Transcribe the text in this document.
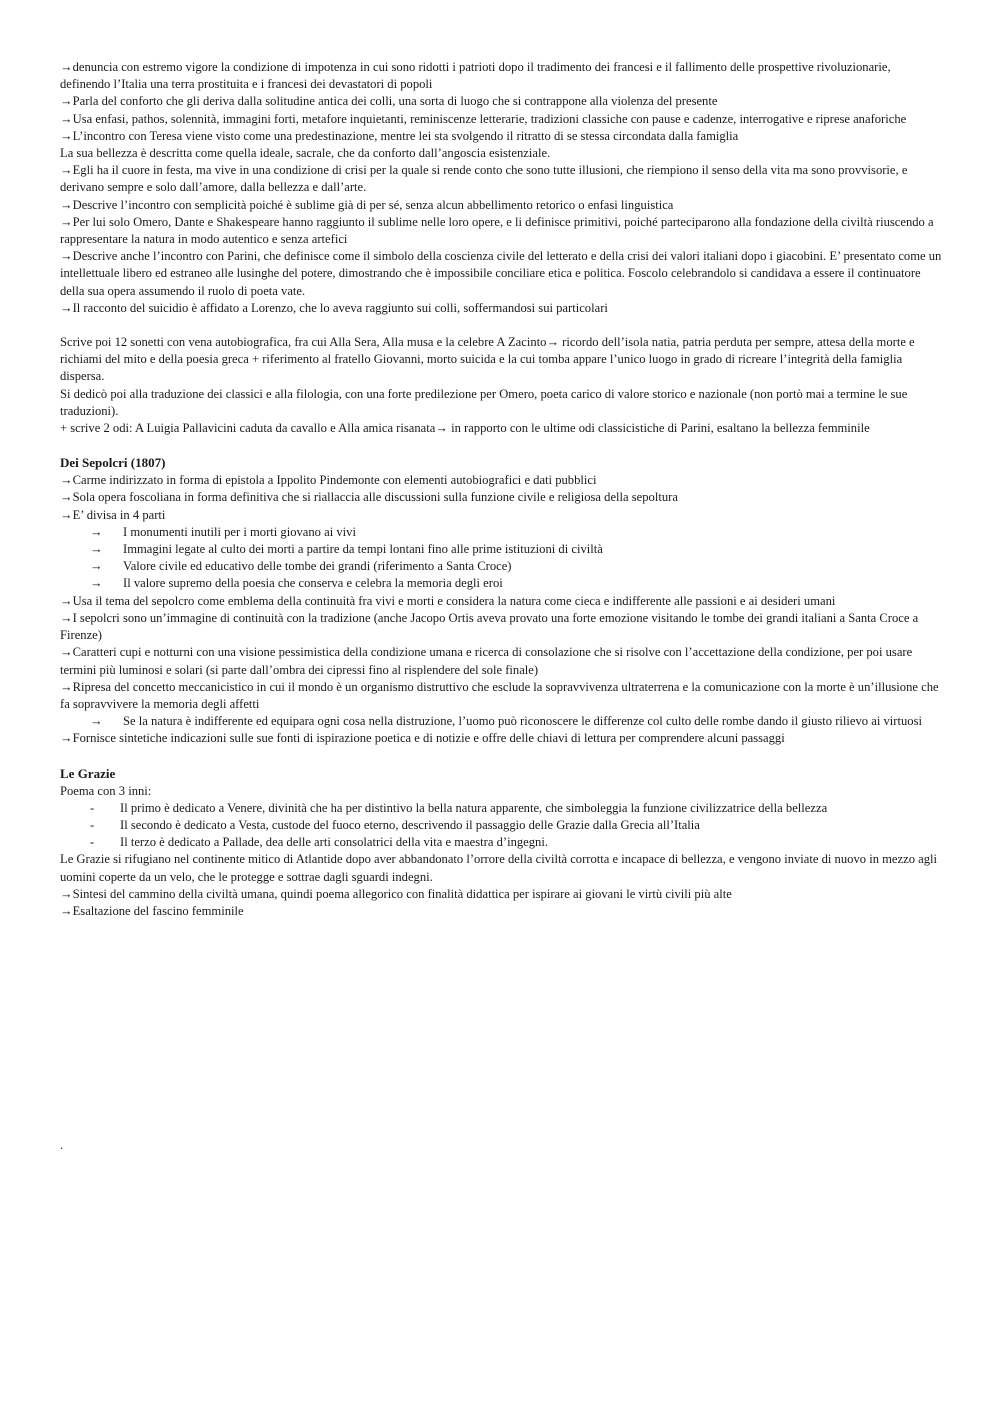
→denuncia con estremo vigore la condizione di impotenza in cui sono ridotti i patrioti dopo il tradimento dei francesi e il fallimento delle prospettive rivoluzionarie, definendo l’Italia una terra prostituita e i francesi dei devastatori di popoli

→Parla del conforto che gli deriva dalla solitudine antica dei colli, una sorta di luogo che si contrappone alla violenza del presente

→Usa enfasi, pathos, solennità, immagini forti, metafore inquietanti, reminiscenze letterarie, tradizioni classiche con pause e cadenze, interrogative e riprese anaforiche

→L’incontro con Teresa viene visto come una predestinazione, mentre lei sta svolgendo il ritratto di se stessa circondata dalla famiglia

La sua bellezza è descritta come quella ideale, sacrale, che da conforto dall’angoscia esistenziale.

→Egli ha il cuore in festa, ma vive in una condizione di crisi per la quale si rende conto che sono tutte illusioni, che riempiono il senso della vita ma sono provvisorie, e derivano sempre e solo dall’amore, dalla bellezza e dall’arte.

→Descrive l’incontro con semplicità poiché è sublime già di per sé, senza alcun abbellimento retorico o enfasi linguistica

→Per lui solo Omero, Dante e Shakespeare hanno raggiunto il sublime nelle loro opere, e li definisce primitivi, poiché parteciparono alla fondazione della civiltà riuscendo a rappresentare la natura in modo autentico e senza artefici

→Descrive anche l’incontro con Parini, che definisce come il simbolo della coscienza civile del letterato e della crisi dei valori italiani dopo i giacobini. E’ presentato come un intellettuale libero ed estraneo alle lusinghe del potere, dimostrando che è impossibile conciliare etica e politica. Foscolo celebrandolo si candidava a essere il continuatore della sua opera assumendo il ruolo di poeta vate.

→Il racconto del suicidio è affidato a Lorenzo, che lo aveva raggiunto sui colli, soffermandosi sui particolari

Scrive poi 12 sonetti con vena autobiografica, fra cui Alla Sera, Alla musa e la celebre A Zacinto→ ricordo dell’isola natia, patria perduta per sempre, attesa della morte e richiami del mito e della poesia greca + riferimento al fratello Giovanni, morto suicida e la cui tomba appare l’unico luogo in grado di ricreare l’integrità della famiglia dispersa.

Si dedicò poi alla traduzione dei classici e alla filologia, con una forte predilezione per Omero, poeta carico di valore storico e nazionale (non portò mai a termine le sue traduzioni).

+ scrive 2 odi: A Luigia Pallavicini caduta da cavallo e Alla amica risanata→ in rapporto con le ultime odi classicistiche di Parini, esaltano la bellezza femminile

Dei Sepolcri (1807)

→Carme indirizzato in forma di epistola a Ippolito Pindemonte con elementi autobiografici e dati pubblici

→Sola opera foscoliana in forma definitiva che si riallaccia alle discussioni sulla funzione civile e religiosa della sepoltura

→E’ divisa in 4 parti

→ I monumenti inutili per i morti giovano ai vivi
→ Immagini legate al culto dei morti a partire da tempi lontani fino alle prime istituzioni di civiltà
→ Valore civile ed educativo delle tombe dei grandi (riferimento a Santa Croce)
→ Il valore supremo della poesia che conserva e celebra la memoria degli eroi

→Usa il tema del sepolcro come emblema della continuità fra vivi e morti e considera la natura come cieca e indifferente alle passioni e ai desideri umani

→I sepolcri sono un’immagine di continuità con la tradizione (anche Jacopo Ortis aveva provato una forte emozione visitando le tombe dei grandi italiani a Santa Croce a Firenze)

→Caratteri cupi e notturni con una visione pessimistica della condizione umana e ricerca di consolazione che si risolve con l’accettazione della condizione, per poi usare termini più luminosi e solari (si parte dall’ombra dei cipressi fino al risplendere del sole finale)

→Ripresa del concetto meccanicistico in cui il mondo è un organismo distruttivo che esclude la sopravvivenza ultraterrena e la comunicazione con la morte è un’illusione che fa sopravvivere la memoria degli affetti

→ Se la natura è indifferente ed equipara ogni cosa nella distruzione, l’uomo può riconoscere le differenze col culto delle rombe dando il giusto rilievo ai virtuosi

→Fornisce sintetiche indicazioni sulle sue fonti di ispirazione poetica e di notizie e offre delle chiavi di lettura per comprendere alcuni passaggi

Le Grazie

Poema con 3 inni:

- Il primo è dedicato a Venere, divinità che ha per distintivo la bella natura apparente, che simboleggia la funzione civilizzatrice della bellezza
- Il secondo è dedicato a Vesta, custode del fuoco eterno, descrivendo il passaggio delle Grazie dalla Grecia all’Italia
- Il terzo è dedicato a Pallade, dea delle arti consolatrici della vita e maestra d’ingegni.

Le Grazie si rifugiano nel continente mitico di Atlantide dopo aver abbandonato l’orrore della civiltà corrotta e incapace di bellezza, e vengono inviate di nuovo in mezzo agli uomini coperte da un velo, che le protegge e sottrae dagli sguardi indegni.

→Sintesi del cammino della civiltà umana, quindi poema allegorico con finalità didattica per ispirare ai giovani le virtù civili più alte

→Esaltazione del fascino femminile

.
